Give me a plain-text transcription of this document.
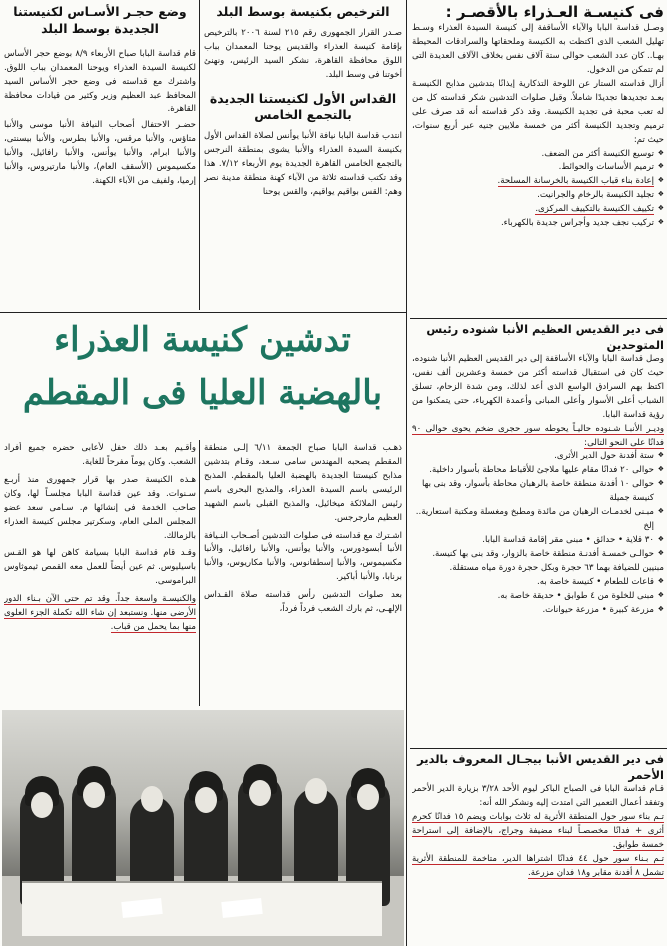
فى كنيسـة العـذراء بالأقصـر :

وصـل قداسة البابا والآباء الأساقفة إلى كنيسة السيدة العذراء وسـط تهليل الشعب الذى اكتظت به الكنيسة وملحقاتها والسرادقات المحيطة بهـا.. كان عدد الشعب حوالى ستة آلاف نفس بخلاف الآلاف العديدة التى لم تتمكن من الدخول.

أزال قداسته الستار عن اللوحة التذكارية إيذانًا بتدشين مذابح الكنيسـة بعـد تجديدها تجديدًا شاملاً. وقبل صلوات التدشين شكر قداسته كل من له تعب محبة فى تجديد الكنيسة. وقد ذكر قداسته أنه قد صرف على ترميم وتجديد الكنيسة أكثر من خمسة ملايين جنيه عبر أربع سنوات، حيث تم:

❖ توسيع الكنيسة أكثر من الضعف.
❖ ترميم الأساسات والحوائط.
❖ إعادة بناء قباب الكنيسة بالخرسانة المسلحة.
❖ تجليد الكنيسة بالرخام والجرانيت.
❖ تكييف الكنيسة بالتكييف المركزى.
❖ تركيب نجف جديد وأجراس جديدة بالكهرباء.
فى دير القديس العظيم الأنبا شنوده رئيس المتوحدين

وصل قداسة البابا والآباء الأساقفة إلى دير القديس العظيم الأنبا شنوده، حيث كان فى استقبال قداسته أكثر من خمسة وعشرين ألف نفس، اكتظ بهم السرادق الواسع الذى أعد لذلك، ومن شدة الزحام، تسلق الشباب أعلى الأسوار وأعلى المبانى وأعمدة الكهرباء، حتى يتمكنوا من رؤية قداسة البابا.

وديـر الأنبـا شـنوده حاليـاً يحوطه سور حجرى ضخم يحوى حوالى ٩٠ فدانًا على النحو التالى:

❖ ستة أفدنة حول الدير الأثرى.
❖ حوالى ٢٠ فدانًا مقام عليها ملاجئ للأقباط محاطة بأسوار داخلية.
❖ حوالى ١٠ أفدنة منطقة خاصة بالرهبان محاطة بأسوار، وقد بنى بها كنيسة جميلة
❖ مبـنى لخدمـات الرهبان من مائدة ومطبخ ومغسلة ومكتبة استعارية.. إلخ
❖ ٣٠ قلاية • حدائق • مبنى مقر إقامة قداسة البابا.
❖ حوالـى خمسـة أفدنـة منطقة خاصة بالزوار، وقد بنى بها كنيسة.

مبنيين للضيافة بهما ٦٣ حجرة وبكل حجرة دورة مياه مستقلة.

❖ قاعات للطعام • كنيسة خاصة به.
❖ مبنى للخلوة من ٤ طوابق • حديقة خاصة به.
❖ مزرعة كبيرة • مزرعة حيوانات.
فى دير القديس الأنبا بيجـال المعروف بالدير الأحمر

قـام قداسة البابا فى الصباح الباكر ليوم الأحد ٣/٢٨ بزيارة الدير الأحمر وتفقد أعمال التعمير التى امتدت إليه ونشكر الله أنه:

تـم بناء سور حول المنطقة الأثرية له ثلاث بوابات ويضم ١٥ فدانًا كحرم أثرى + فدانًا مخصصـاً لبناء مضيفة وجراج، بالإضافة إلى استراحة خمسة طوابق.

تـم بـناء سور حول ٤٤ فدانًا اشتراها الدير، متاخمة للمنطقة الأثرية تشمل ٨ أفدنة مقابر و١٨ فدان مزرعة.

الترخيص بكنيسة بوسط البلد

صـدر القرار الجمهورى رقم ٢١٥ لسنة ٢٠٠٦ بالترخيص بإقامة كنيسة العذراء والقديس يوحنا المعمدان بباب اللوق محافظة القاهرة، نشكر السيد الرئيس، ونهنئ أخوتنا فى وسط البلد.

القداس الأول لكنيستنا الجديدة بالتجمع الخامس

انتدب قداسة البابا نيافة الأنبا يوأنس لصلاة القداس الأول بكنيسة السيدة العذراء والأنبا يشوى بمنطقة النرجس بالتجمع الخامس القاهرة الجديدة يوم الأربعاء ٧/١٢. هذا وقد تكتب قداسته ثلاثة من الآباء كهنة منطقة مدينة نصر وهم: القس بواقيم يواقيم، والقس يوحنا

وضع حجـر الأسـاس لكنيستنا الجديدة بوسط البلد

قام قداسة البابا صباح الأربعاء ٨/٩ بوضع حجر الأساس لكنيسة السيدة العذراء ويوحنا المعمدان بباب اللوق. واشترك مع قداسته فى وضع حجر الأساس السيد المحافظ عبد العظيم وزير وكثير من قيادات محافظة القاهرة.

حضـر الاحتفال أصحاب النيافة الأنبا موسى والأنبا متاؤس، والأنبا مرقس، والأنبا بطرس، والأنبا بيسنتى، والأنبا ابرام، والأنبا يوأنس، والأنبا رافائيل، والأنبا مكسيموس (الأسقف العام)، والأنبا مارتيروس، والأنبا إرميا، ولفيف من الآباء الكهنة.

تدشين كنيسة العذراء
بالهضبة العليا فى المقطم

ذهـب قداسة البابا صباح الجمعة ٦/١١ إلـى منطقة المقطم يصحبه المهندس سامى سـعد، وقـام بتدشين مذابح كنيستنا الجديدة بالهضبة العليا بالمقطم. المذبح الرئيسى باسم السيدة العذراء، والمذبح البحرى باسم رئيس الملائكة ميخائيل، والمذبح القبلى باسم الشهيد العظيم مارجرجس.

اشـترك مع قداسته فى صلوات التدشين أصـحاب النـيافة الأنبا أبسودورس، والأنبا يوأنس، والأنبا رافائيل، والأنبا مكسيموس، والأنبا إسطفانوس، والأنبا مكاريوس، والأنبا برنابا، والأنبا أباكير.

بعد صلوات التدشين رأس قداسته صلاة القـداس الإلهـى، ثم بارك الشعب فرداً فرداً،

وأقـيم بعـد ذلك حفل لأعابى حضره جميع أفراد الشعب. وكان يوماً مفرحاً للغاية.

هـذه الكنيسة صدر بها قرار جمهورى منذ أربـع سـنوات. وقد عين قداسة البابا مجلسـاً لها، وكان صاحب الخدمة فى إنشائها م. سـامى سعد عضو المجلس الملى العام، وسكرتير مجلس كنيسة العذراء بالزمالك.

وقـد قام قداسة البابا بسيامة كاهن لها هو القـس باسيليوس. ثم عين أيضاً للعمل معه القمص ثيموثاوس البراموسى.

والكنيسـة واسعة جداً. وقد تم حتى الآن بـناء الدور الأرضى منها. ونستبعد إن شاء الله تكملة الجزء العلوى منها بما يحمل من قباب.
